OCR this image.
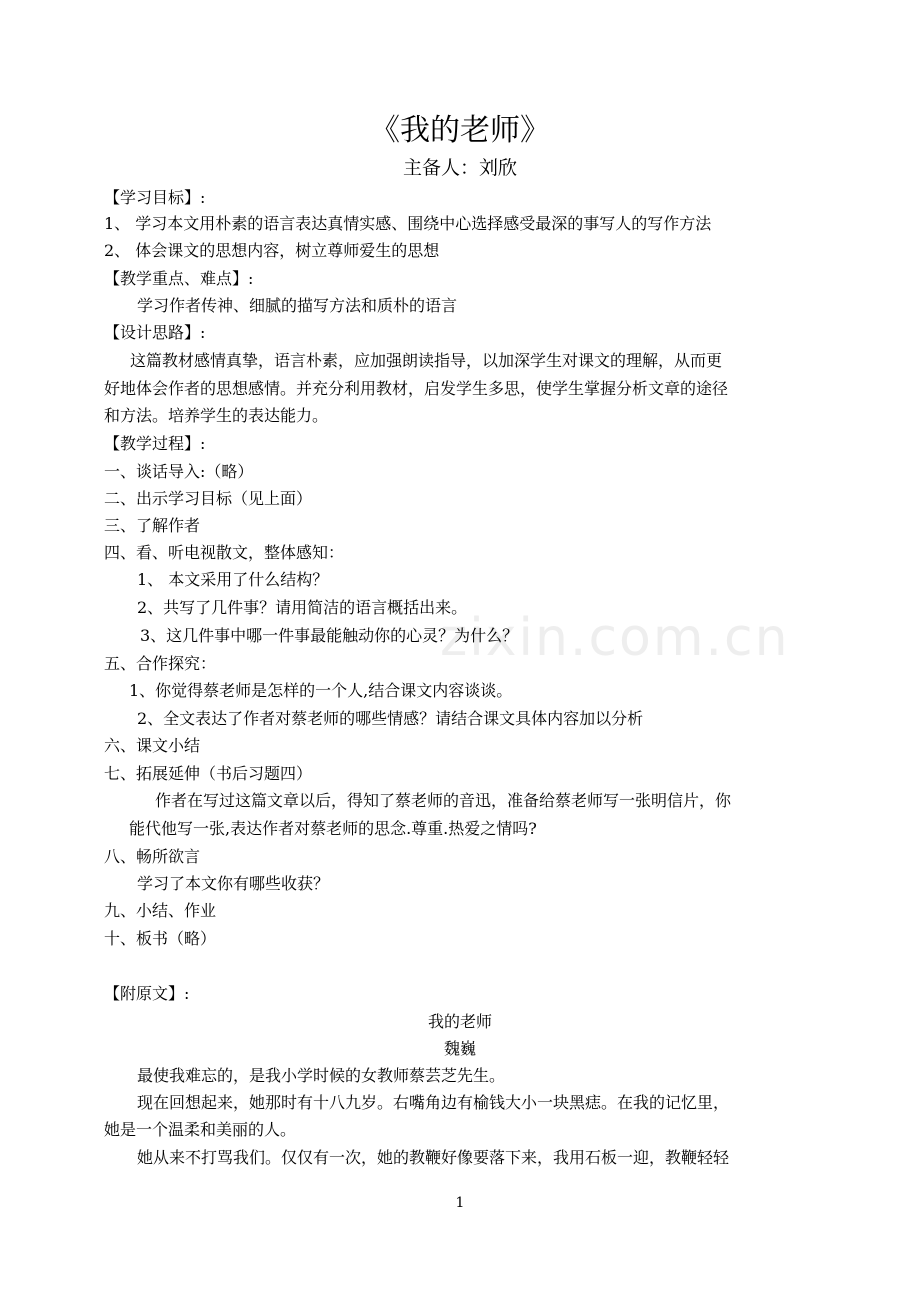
zixin.com.cn
《我的老师》
主备人：刘欣
【学习目标】:
1、 学习本文用朴素的语言表达真情实感、围绕中心选择感受最深的事写人的写作方法
2、 体会课文的思想内容，树立尊师爱生的思想
【教学重点、难点】:
学习作者传神、细腻的描写方法和质朴的语言
【设计思路】:
这篇教材感情真挚，语言朴素，应加强朗读指导，以加深学生对课文的理解，从而更
好地体会作者的思想感情。并充分利用教材，启发学生多思，使学生掌握分析文章的途径
和方法。培养学生的表达能力。
【教学过程】:
一、谈话导入:（略）
二、出示学习目标（见上面）
三、了解作者
四、看、听电视散文，整体感知：
1、 本文采用了什么结构？
2、共写了几件事？请用简洁的语言概括出来。
3、这几件事中哪一件事最能触动你的心灵？为什么？
五、合作探究：
1、你觉得蔡老师是怎样的一个人,结合课文内容谈谈。
2、全文表达了作者对蔡老师的哪些情感？请结合课文具体内容加以分析
六、课文小结
七、拓展延伸（书后习题四）
作者在写过这篇文章以后，得知了蔡老师的音迅，准备给蔡老师写一张明信片，你
能代他写一张,表达作者对蔡老师的思念.尊重.热爱之情吗?
八、畅所欲言
学习了本文你有哪些收获？
九、小结、作业
十、板书（略）
【附原文】:
我的老师
魏巍
最使我难忘的，是我小学时候的女教师蔡芸芝先生。
现在回想起来，她那时有十八九岁。右嘴角边有榆钱大小一块黑痣。在我的记忆里，
她是一个温柔和美丽的人。
她从来不打骂我们。仅仅有一次，她的教鞭好像要落下来，我用石板一迎，教鞭轻轻
1
